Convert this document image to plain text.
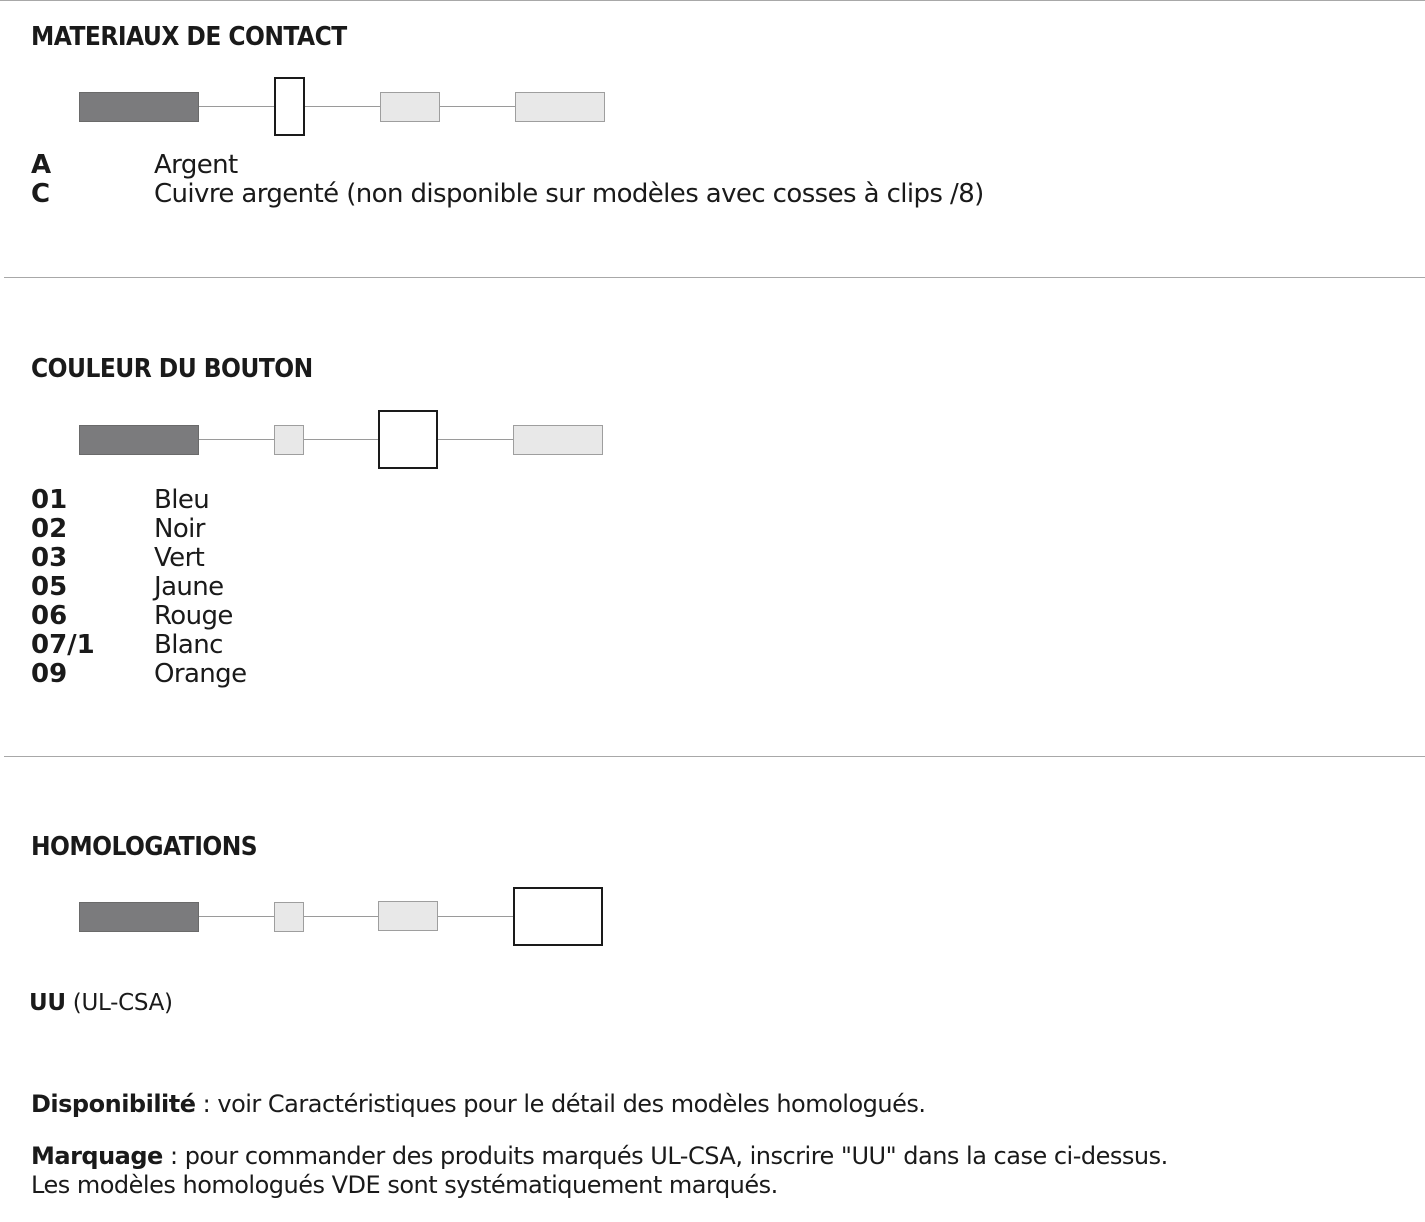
MATERIAUX DE CONTACT
A	Argent
C	Cuivre argenté (non disponible sur modèles avec cosses à clips /8)
COULEUR DU BOUTON
01	Bleu
02	Noir
03	Vert
05	Jaune
06	Rouge
07/1 Blanc
09	Orange
HOMOLOGATIONS
UU (UL-CSA)
Disponibilité : voir Caractéristiques pour le détail des modèles homologués.
Marquage : pour commander des produits marqués UL-CSA, inscrire "UU" dans la case ci-dessus.
Les modèles homologués VDE sont systématiquement marqués.
